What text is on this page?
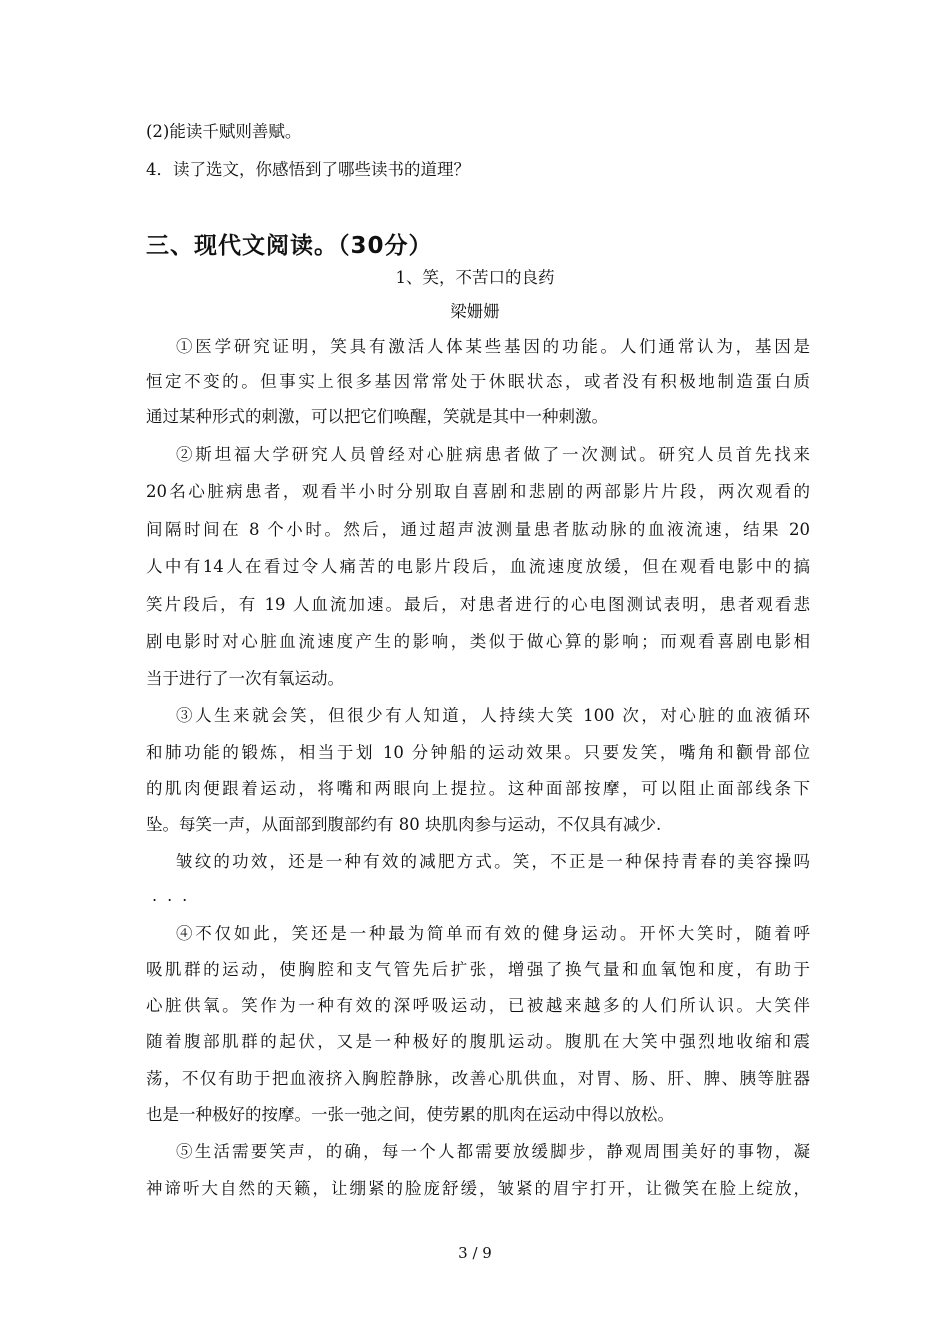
(2)能读千赋则善赋。
4．读了选文，你感悟到了哪些读书的道理？
三、现代文阅读。（30分）
1、笑，不苦口的良药
梁姗姗
①医学研究证明，笑具有激活人体某些基因的功能。人们通常认为，基因是
恒定不变的。但事实上很多基因常常处于休眠状态，或者没有积极地制造蛋白质
通过某种形式的刺激，可以把它们唤醒，笑就是其中一种刺激。
②斯坦福大学研究人员曾经对心脏病患者做了一次测试。研究人员首先找来
20名心脏病患者，观看半小时分别取自喜剧和悲剧的两部影片片段，两次观看的
间隔时间在 8 个小时。然后，通过超声波测量患者肱动脉的血液流速，结果 20
人中有14人在看过令人痛苦的电影片段后，血流速度放缓，但在观看电影中的搞
笑片段后，有 19 人血流加速。最后，对患者进行的心电图测试表明，患者观看悲
剧电影时对心脏血流速度产生的影响，类似于做心算的影响；而观看喜剧电影相
当于进行了一次有氧运动。
③人生来就会笑，但很少有人知道，人持续大笑 100 次，对心脏的血液循环
和肺功能的锻炼，相当于划 10 分钟船的运动效果。只要发笑，嘴角和颧骨部位
的肌肉便跟着运动，将嘴和两眼向上提拉。这种面部按摩，可以阻止面部线条下
坠。每笑一声，从面部到腹部约有 80 块肌肉参与运动，不仅具有减少.
皱纹的功效，还是一种有效的减肥方式。笑，不正是一种保持青春的美容操吗
...
④不仅如此，笑还是一种最为简单而有效的健身运动。开怀大笑时，随着呼
吸肌群的运动，使胸腔和支气管先后扩张，增强了换气量和血氧饱和度，有助于
心脏供氧。笑作为一种有效的深呼吸运动，已被越来越多的人们所认识。大笑伴
随着腹部肌群的起伏，又是一种极好的腹肌运动。腹肌在大笑中强烈地收缩和震
荡，不仅有助于把血液挤入胸腔静脉，改善心肌供血，对胃、肠、肝、脾、胰等脏器
也是一种极好的按摩。一张一弛之间，使劳累的肌肉在运动中得以放松。
⑤生活需要笑声，的确，每一个人都需要放缓脚步，静观周围美好的事物，凝
神谛听大自然的天籁，让绷紧的脸庞舒缓，皱紧的眉宇打开，让微笑在脸上绽放，
3 / 9
